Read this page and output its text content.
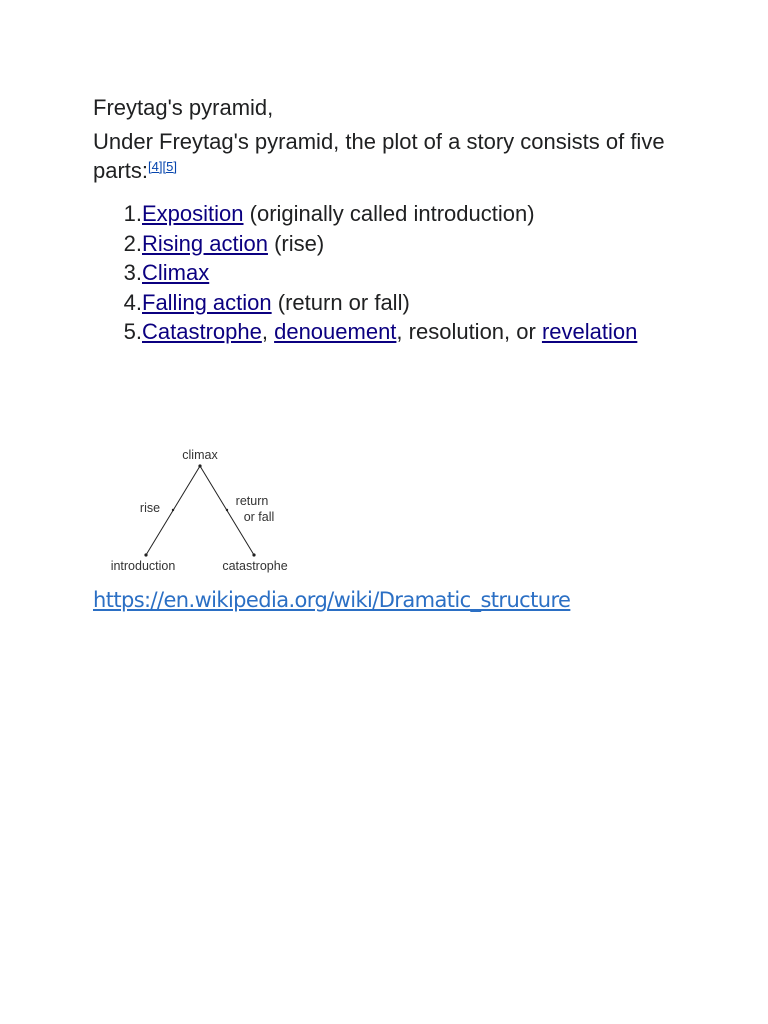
Freytag's pyramid,

Under Freytag's pyramid, the plot of a story consists of five parts:[4][5]

1. Exposition (originally called introduction)
2. Rising action (rise)
3. Climax
4. Falling action (return or fall)
5. Catastrophe, denouement, resolution, or revelation
climax
rise	return
or fall
introduction	catastrophe
https://en.wikipedia.org/wiki/Dramatic_structure
